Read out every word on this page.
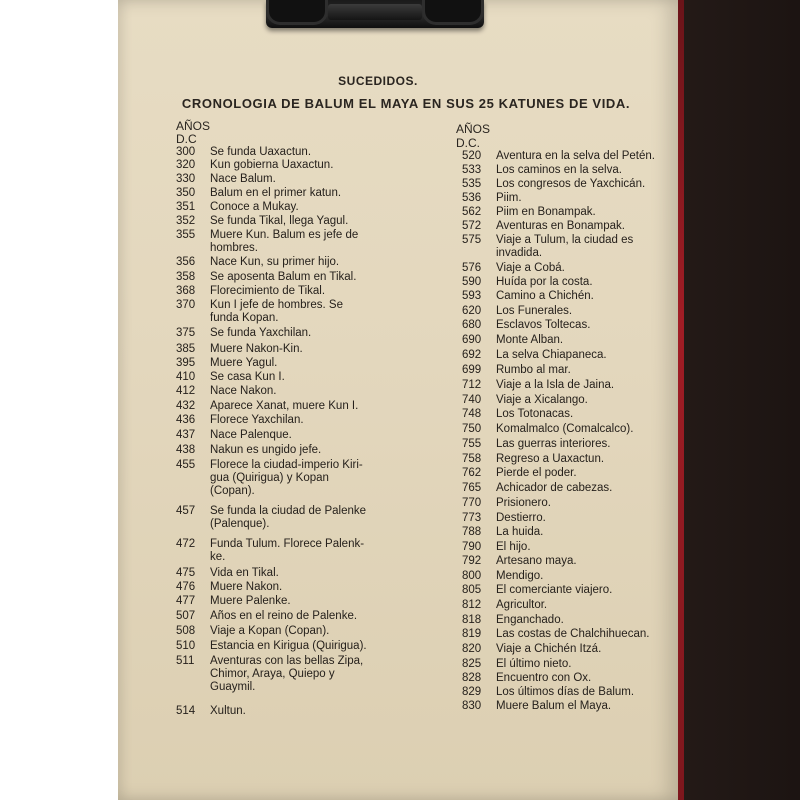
SUCEDIDOS.
CRONOLOGIA DE BALUM EL MAYA EN SUS 25 KATUNES DE VIDA.
AÑOS
D.C
AÑOS
D.C.
300	Se funda Uaxactun.
320	Kun gobierna Uaxactun.
330	Nace Balum.
350	Balum en el primer katun.
351	Conoce a Mukay.
352	Se funda Tikal, llega Yagul.
355	Muere Kun. Balum es jefe de
hombres.
356	Nace Kun, su primer hijo.
358	Se aposenta Balum en Tikal.
368	Florecimiento de Tikal.
370	Kun I jefe de hombres. Se
funda Kopan.
375	Se funda Yaxchilan.
385	Muere Nakon-Kin.
395	Muere Yagul.
410	Se casa Kun I.
412	Nace Nakon.
432	Aparece Xanat, muere Kun I.
436	Florece Yaxchilan.
437	Nace Palenque.
438	Nakun es ungido jefe.
455	Florece la ciudad-imperio Kiri-
gua (Quirigua) y Kopan
(Copan).
457	Se funda la ciudad de Palenke
(Palenque).
472	Funda Tulum. Florece Palenk-
ke.
475	Vida en Tikal.
476	Muere Nakon.
477	Muere Palenke.
507	Años en el reino de Palenke.
508	Viaje a Kopan (Copan).
510	Estancia en Kirigua (Quirigua).
511	Aventuras con las bellas Zipa,
Chimor, Araya, Quiepo y
Guaymil.
514	Xultun.
520	Aventura en la selva del Petén.
533	Los caminos en la selva.
535	Los congresos de Yaxchicán.
536	Piim.
562	Piim en Bonampak.
572	Aventuras en Bonampak.
575	Viaje a Tulum, la ciudad es
invadida.
576	Viaje a Cobá.
590	Huída por la costa.
593	Camino a Chichén.
620	Los Funerales.
680	Esclavos Toltecas.
690	Monte Alban.
692	La selva Chiapaneca.
699	Rumbo al mar.
712	Viaje a la Isla de Jaina.
740	Viaje a Xicalango.
748	Los Totonacas.
750	Komalmalco (Comalcalco).
755	Las guerras interiores.
758	Regreso a Uaxactun.
762	Pierde el poder.
765	Achicador de cabezas.
770	Prisionero.
773	Destierro.
788	La huida.
790	El hijo.
792	Artesano maya.
800	Mendigo.
805	El comerciante viajero.
812	Agricultor.
818	Enganchado.
819	Las costas de Chalchihuecan.
820	Viaje a Chichén Itzá.
825	El último nieto.
828	Encuentro con Ox.
829	Los últimos días de Balum.
830	Muere Balum el Maya.
